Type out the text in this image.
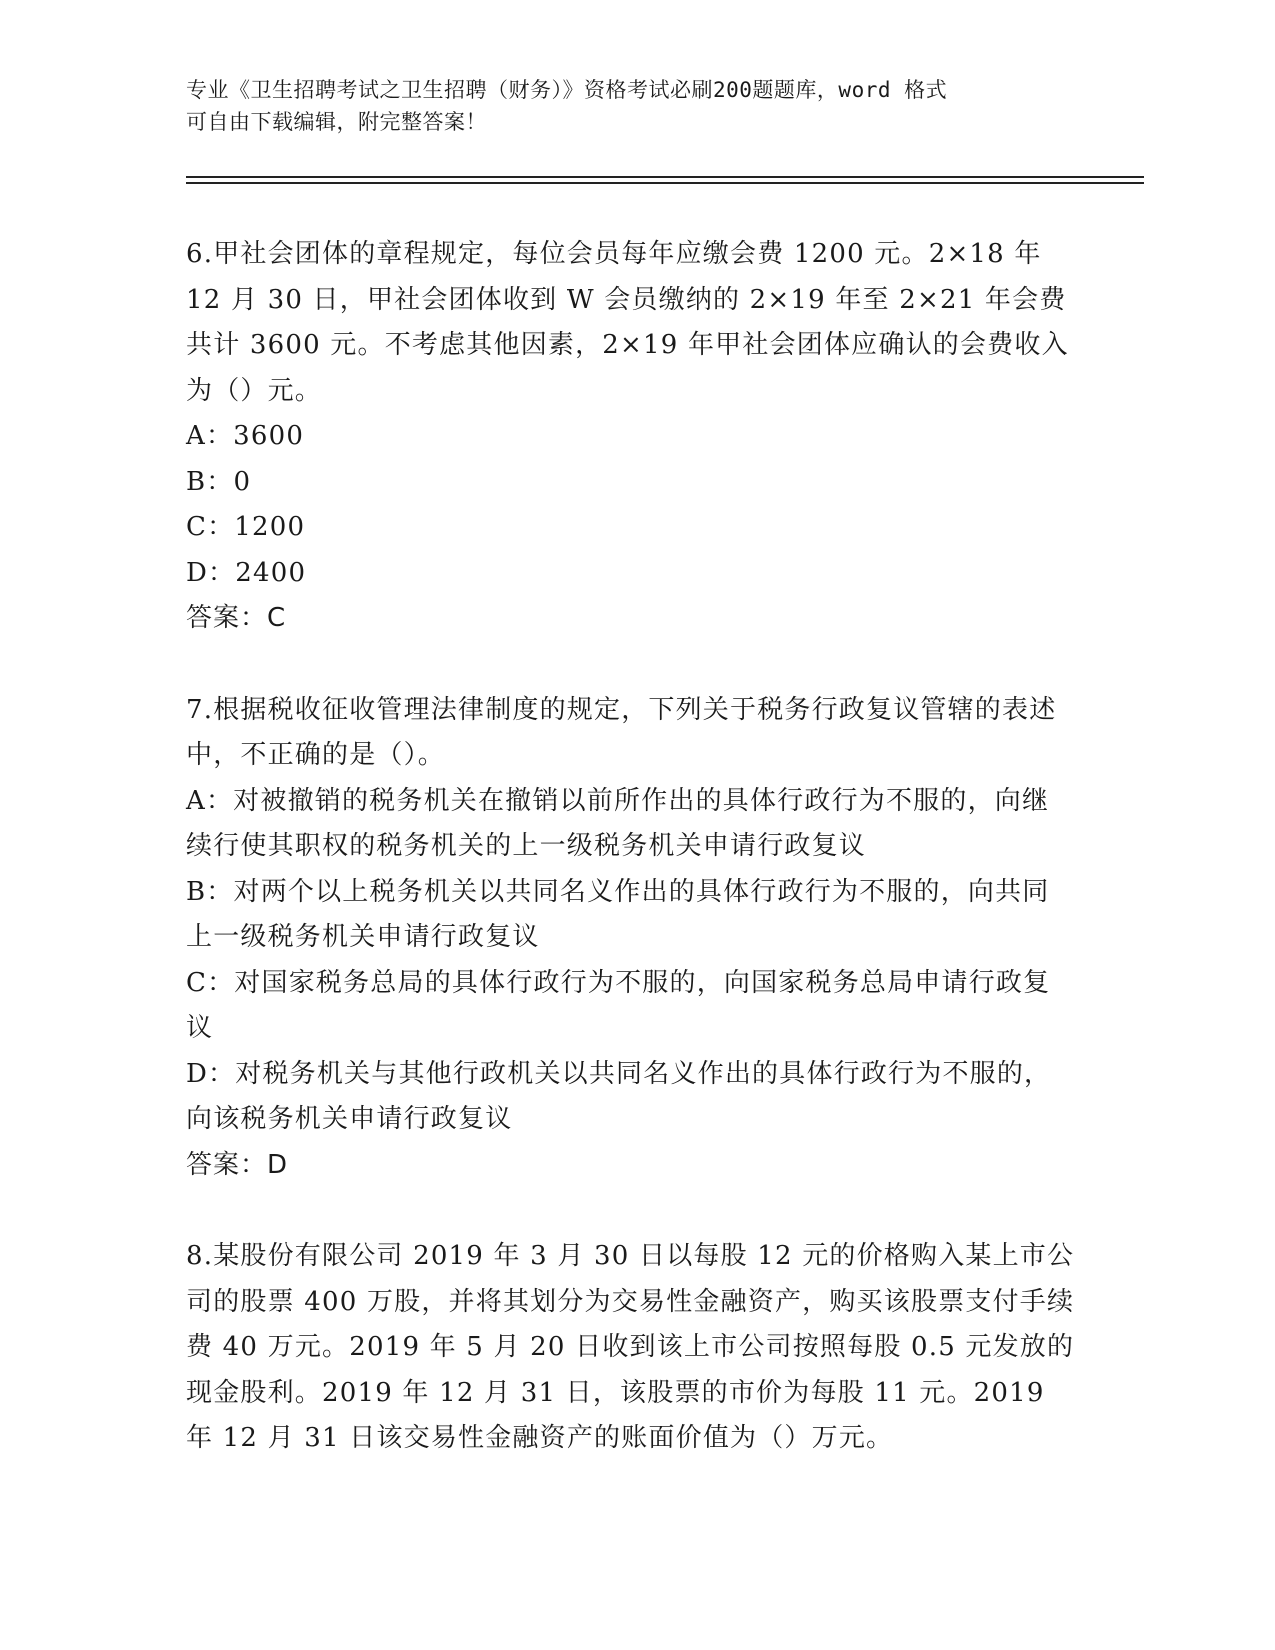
专业《卫生招聘考试之卫生招聘（财务）》资格考试必刷200题题库，word 格式
可自由下载编辑，附完整答案！

6.甲社会团体的章程规定，每位会员每年应缴会费 1200 元。2×18 年 12 月 30 日，甲社会团体收到 W 会员缴纳的 2×19 年至 2×21 年会费共计 3600 元。不考虑其他因素，2×19 年甲社会团体应确认的会费收入为（）元。

A：3600

B：0

C：1200

D：2400

答案：C

7.根据税收征收管理法律制度的规定，下列关于税务行政复议管辖的表述中，不正确的是（）。

A：对被撤销的税务机关在撤销以前所作出的具体行政行为不服的，向继续行使其职权的税务机关的上一级税务机关申请行政复议

B：对两个以上税务机关以共同名义作出的具体行政行为不服的，向共同上一级税务机关申请行政复议

C：对国家税务总局的具体行政行为不服的，向国家税务总局申请行政复议

D：对税务机关与其他行政机关以共同名义作出的具体行政行为不服的，向该税务机关申请行政复议

答案：D

8.某股份有限公司 2019 年 3 月 30 日以每股 12 元的价格购入某上市公司的股票 400 万股，并将其划分为交易性金融资产，购买该股票支付手续费 40 万元。2019 年 5 月 20 日收到该上市公司按照每股 0.5 元发放的现金股利。2019 年 12 月 31 日，该股票的市价为每股 11 元。2019 年 12 月 31 日该交易性金融资产的账面价值为（）万元。
